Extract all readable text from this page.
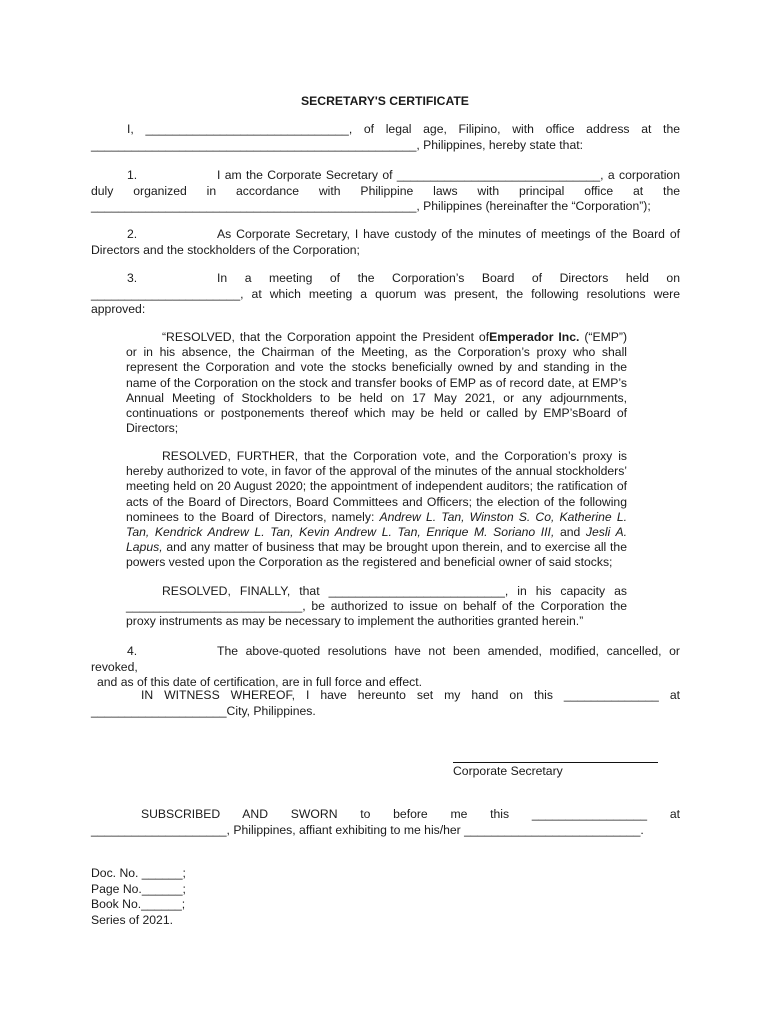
SECRETARY'S CERTIFICATE
I, ______________________________, of legal age, Filipino, with office address at the
________________________________________________, Philippines, hereby state that:
1.	I am the Corporate Secretary of ______________________________, a corporation
duly organized in accordance with Philippine laws with principal office at the
________________________________________________, Philippines (hereinafter the “Corporation”);
2.	As Corporate Secretary, I have custody of the minutes of meetings of the Board of
Directors and the stockholders of the Corporation;
3.	In a meeting of the Corporation’s Board of Directors held on
______________________, at which meeting a quorum was present, the following resolutions were
approved:
“RESOLVED, that the Corporation appoint the President ofEmperador Inc. (“EMP”) or in his absence, the Chairman of the Meeting, as the Corporation’s proxy who shall represent the Corporation and vote the stocks beneficially owned by and standing in the name of the Corporation on the stock and transfer books of EMP as of record date, at EMP’s Annual Meeting of Stockholders to be held on 17 May 2021, or any adjournments, continuations or postponements thereof which may be held or called by EMP’sBoard of Directors;
RESOLVED, FURTHER, that the Corporation vote, and the Corporation’s proxy is hereby authorized to vote, in favor of the approval of the minutes of the annual stockholders’ meeting held on 20 August 2020; the appointment of independent auditors; the ratification of acts of the Board of Directors, Board Committees and Officers; the election of the following nominees to the Board of Directors, namely: Andrew L. Tan, Winston S. Co, Katherine L. Tan, Kendrick Andrew L. Tan, Kevin Andrew L. Tan, Enrique M. Soriano III, and Jesli A. Lapus, and any matter of business that may be brought upon therein, and to exercise all the powers vested upon the Corporation as the registered and beneficial owner of said stocks;
RESOLVED, FINALLY, that __________________________, in his capacity as
__________________________, be authorized to issue on behalf of the Corporation the
proxy instruments as may be necessary to implement the authorities granted herein.”
4.	The above-quoted resolutions have not been amended, modified, cancelled, or revoked,
and as of this date of certification, are in full force and effect.
IN WITNESS WHEREOF, I have hereunto set my hand on this ______________ at
____________________City, Philippines.
Corporate Secretary
SUBSCRIBED AND SWORN to before me this _________________ at
____________________, Philippines, affiant exhibiting to me his/her __________________________.
Doc. No. ______;
Page No.______;
Book No.______;
Series of 2021.
